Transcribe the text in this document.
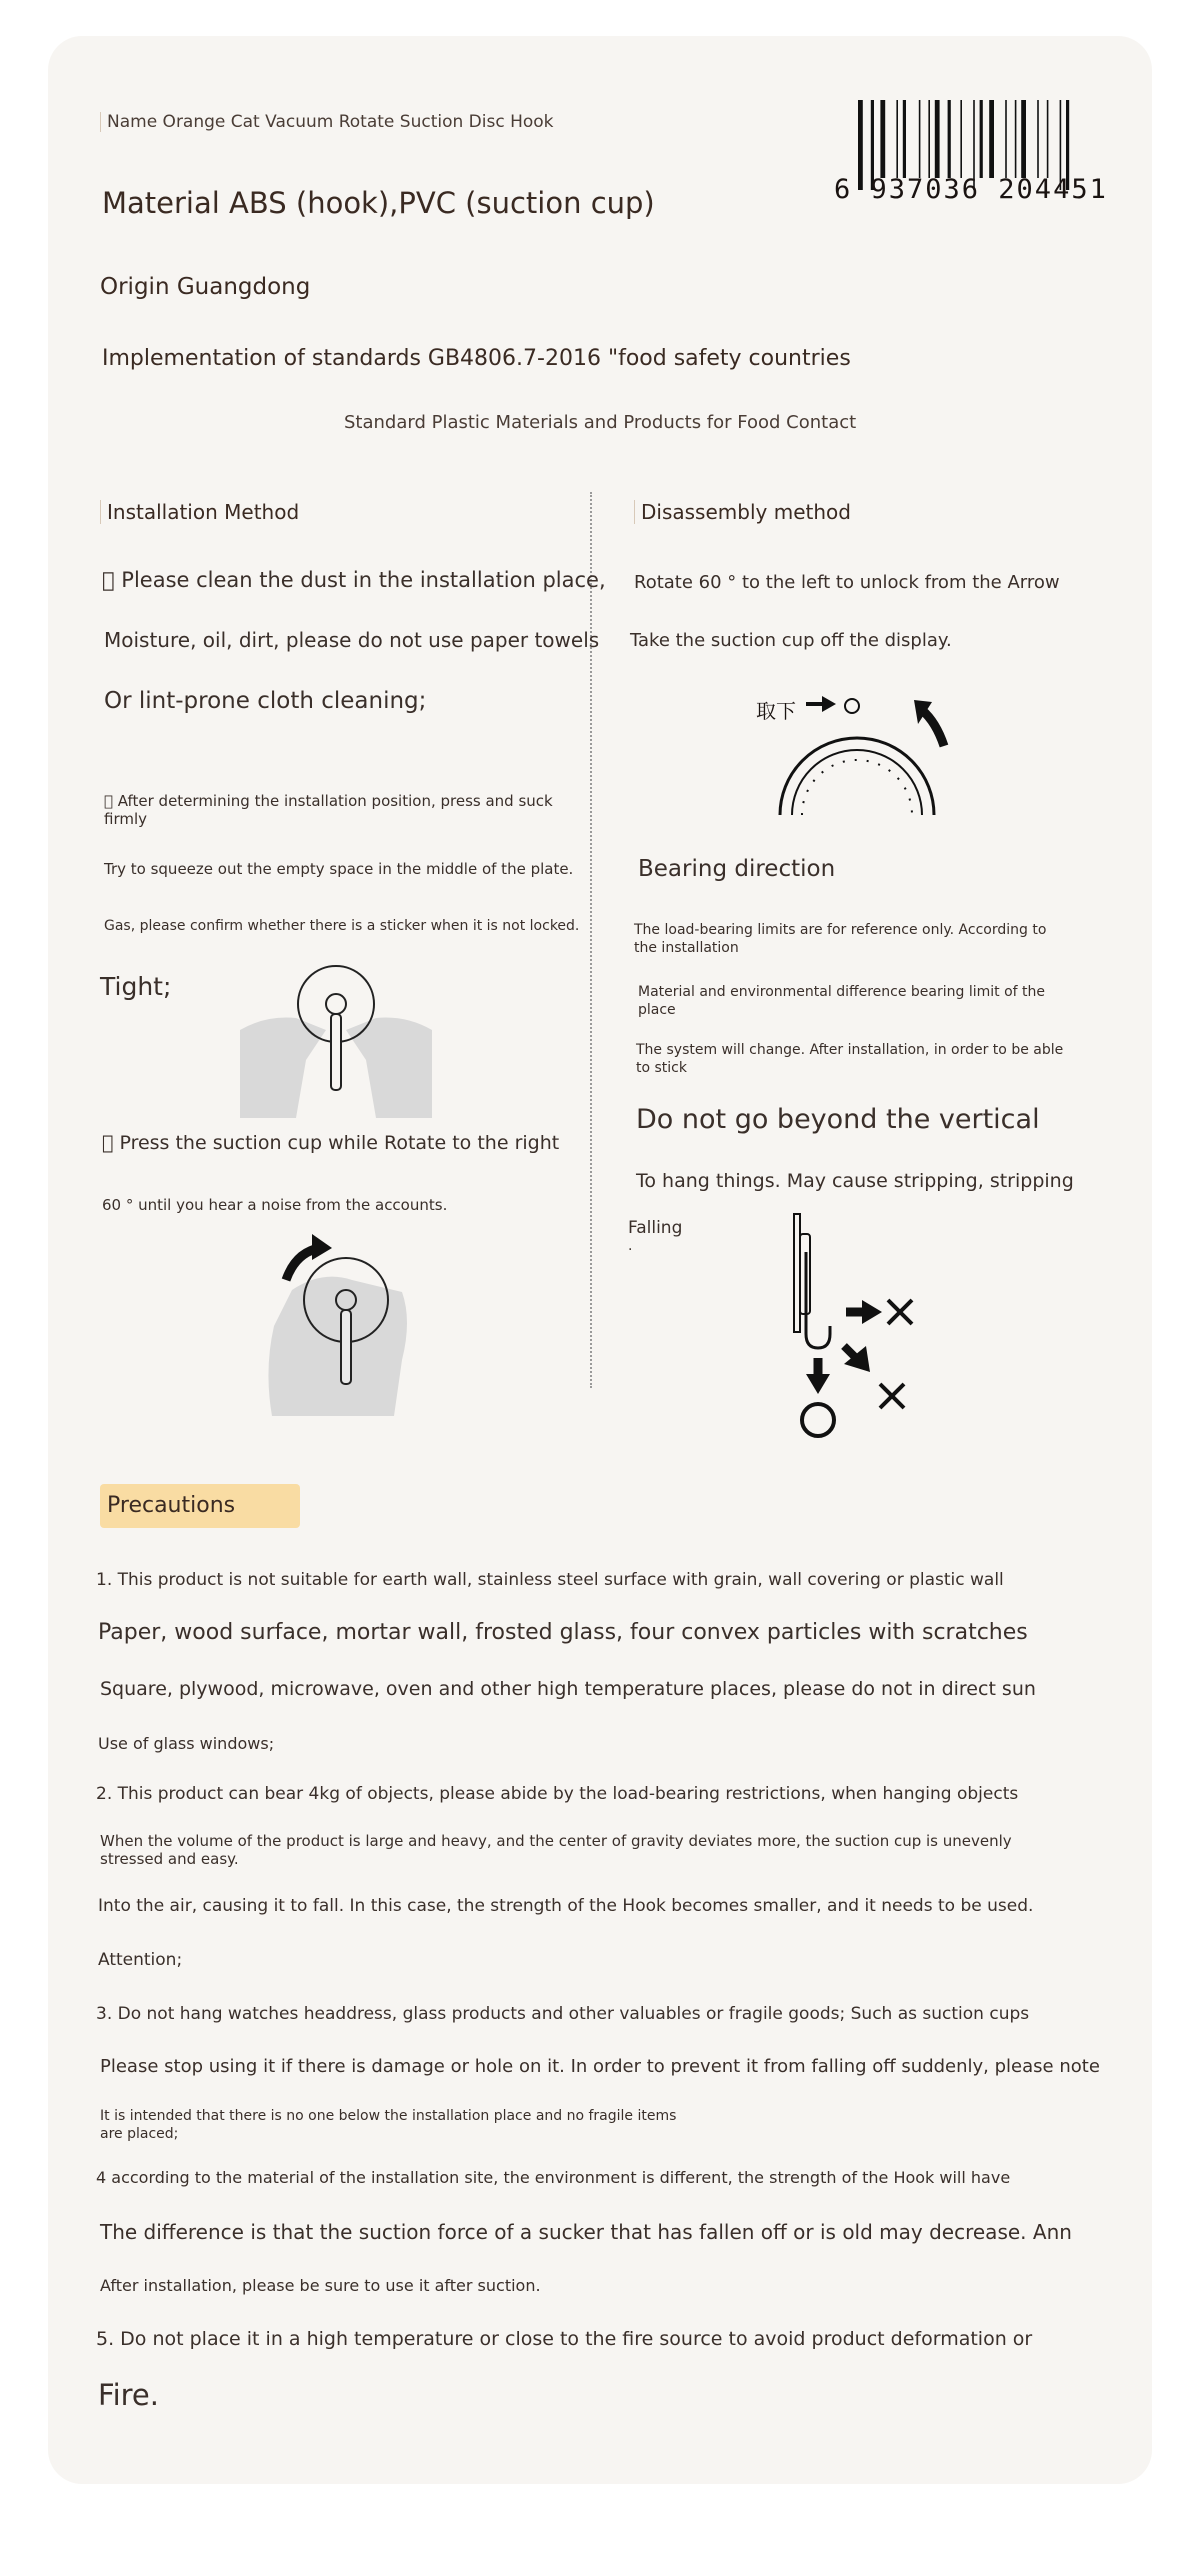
Name Orange Cat Vacuum Rotate Suction Disc Hook
Material ABS (hook),PVC (suction cup)
Origin Guangdong
Implementation of standards GB4806.7-2016 "food safety countries
Standard Plastic Materials and Products for Food Contact
6 937036 204451
Installation Method
  Please clean the dust in the installation place,
Moisture, oil, dirt, please do not use paper towels
Or lint-prone cloth cleaning;
  After determining the installation position, press and suck
firmly
Try to squeeze out the empty space in the middle of the plate.
Gas, please confirm whether there is a sticker when it is not locked.
Tight;
  Press the suction cup while Rotate to the right
60 ° until you hear a noise from the accounts.
Disassembly method
Rotate 60 ° to the left to unlock from the Arrow
Take the suction cup off the display.
取下
Bearing direction
The load-bearing limits are for reference only. According to
the installation
Material and environmental difference bearing limit of the
place
The system will change. After installation, in order to be able
to stick
Do not go beyond the vertical
To hang things. May cause stripping, stripping
Falling
.
Precautions
1. This product is not suitable for earth wall, stainless steel surface with grain, wall covering or plastic wall
Paper, wood surface, mortar wall, frosted glass, four convex particles with scratches
Square, plywood, microwave, oven and other high temperature places, please do not in direct sun
Use of glass windows;
2. This product can bear 4kg of objects, please abide by the load-bearing restrictions, when hanging objects
When the volume of the product is large and heavy, and the center of gravity deviates more, the suction cup is unevenly
stressed and easy.
Into the air, causing it to fall. In this case, the strength of the Hook becomes smaller, and it needs to be used.
Attention;
3. Do not hang watches headdress, glass products and other valuables or fragile goods; Such as suction cups
Please stop using it if there is damage or hole on it. In order to prevent it from falling off suddenly, please note
It is intended that there is no one below the installation place and no fragile items
are placed;
4 according to the material of the installation site, the environment is different, the strength of the Hook will have
The difference is that the suction force of a sucker that has fallen off or is old may decrease. Ann
After installation, please be sure to use it after suction.
5. Do not place it in a high temperature or close to the fire source to avoid product deformation or
Fire.
